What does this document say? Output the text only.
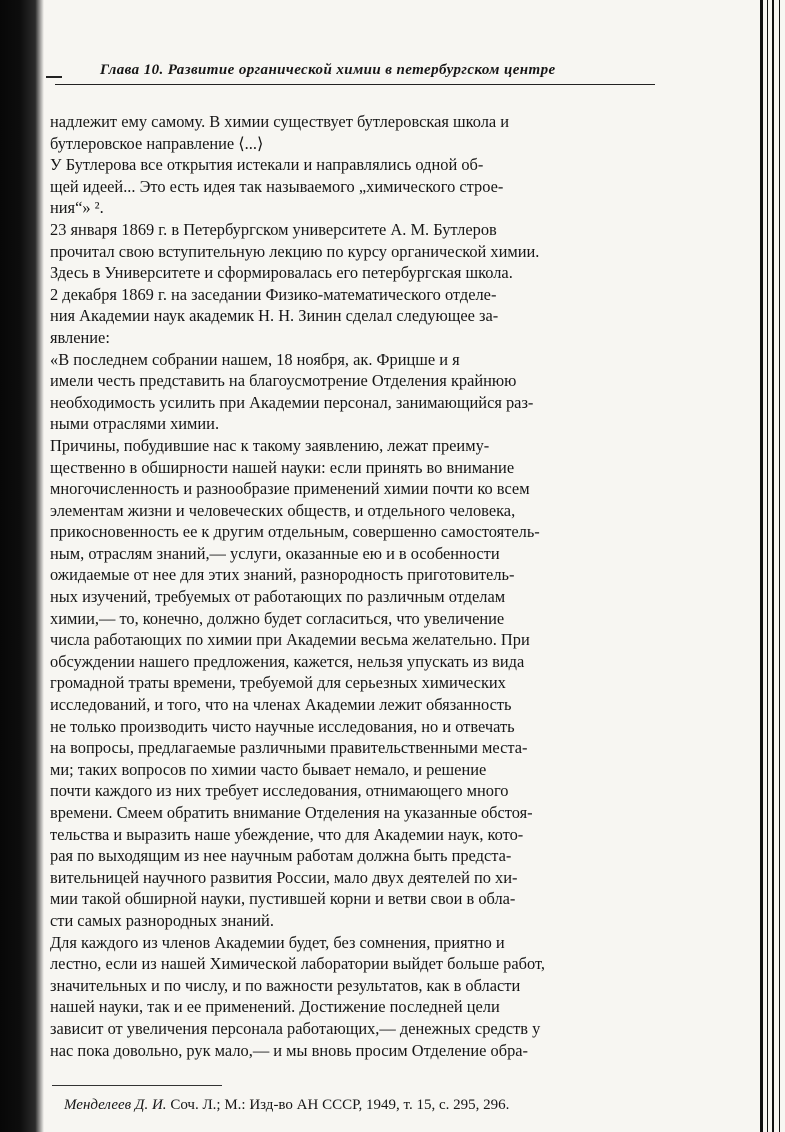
Глава 10. Развитие органической химии в петербургском центре
надлежит ему самому. В химии существует бутлеровская школа и
бутлеровское направление ⟨...⟩
У Бутлерова все открытия истекали и направлялись одной об-
щей идеей... Это есть идея так называемого „химического строе-
ния“» ².
23 января 1869 г. в Петербургском университете А. М. Бутлеров
прочитал свою вступительную лекцию по курсу органической химии.
Здесь в Университете и сформировалась его петербургская школа.
2 декабря 1869 г. на заседании Физико-математического отделе-
ния Академии наук академик Н. Н. Зинин сделал следующее за-
явление:
«В последнем собрании нашем, 18 ноября, ак. Фрицше и я
имели честь представить на благоусмотрение Отделения крайнюю
необходимость усилить при Академии персонал, занимающийся раз-
ными отраслями химии.
Причины, побудившие нас к такому заявлению, лежат преиму-
щественно в обширности нашей науки: если принять во внимание
многочисленность и разнообразие применений химии почти ко всем
элементам жизни и человеческих обществ, и отдельного человека,
прикосновенность ее к другим отдельным, совершенно самостоятель-
ным, отраслям знаний,— услуги, оказанные ею и в особенности
ожидаемые от нее для этих знаний, разнородность приготовитель-
ных изучений, требуемых от работающих по различным отделам
химии,— то, конечно, должно будет согласиться, что увеличение
числа работающих по химии при Академии весьма желательно. При
обсуждении нашего предложения, кажется, нельзя упускать из вида
громадной траты времени, требуемой для серьезных химических
исследований, и того, что на членах Академии лежит обязанность
не только производить чисто научные исследования, но и отвечать
на вопросы, предлагаемые различными правительственными места-
ми; таких вопросов по химии часто бывает немало, и решение
почти каждого из них требует исследования, отнимающего много
времени. Смеем обратить внимание Отделения на указанные обстоя-
тельства и выразить наше убеждение, что для Академии наук, кото-
рая по выходящим из нее научным работам должна быть предста-
вительницей научного развития России, мало двух деятелей по хи-
мии такой обширной науки, пустившей корни и ветви свои в обла-
сти самых разнородных знаний.
Для каждого из членов Академии будет, без сомнения, приятно и
лестно, если из нашей Химической лаборатории выйдет больше работ,
значительных и по числу, и по важности результатов, как в области
нашей науки, так и ее применений. Достижение последней цели
зависит от увеличения персонала работающих,— денежных средств у
нас пока довольно, рук мало,— и мы вновь просим Отделение обра-
Менделеев Д. И. Соч. Л.; М.: Изд-во АН СССР, 1949, т. 15, с. 295, 296.
